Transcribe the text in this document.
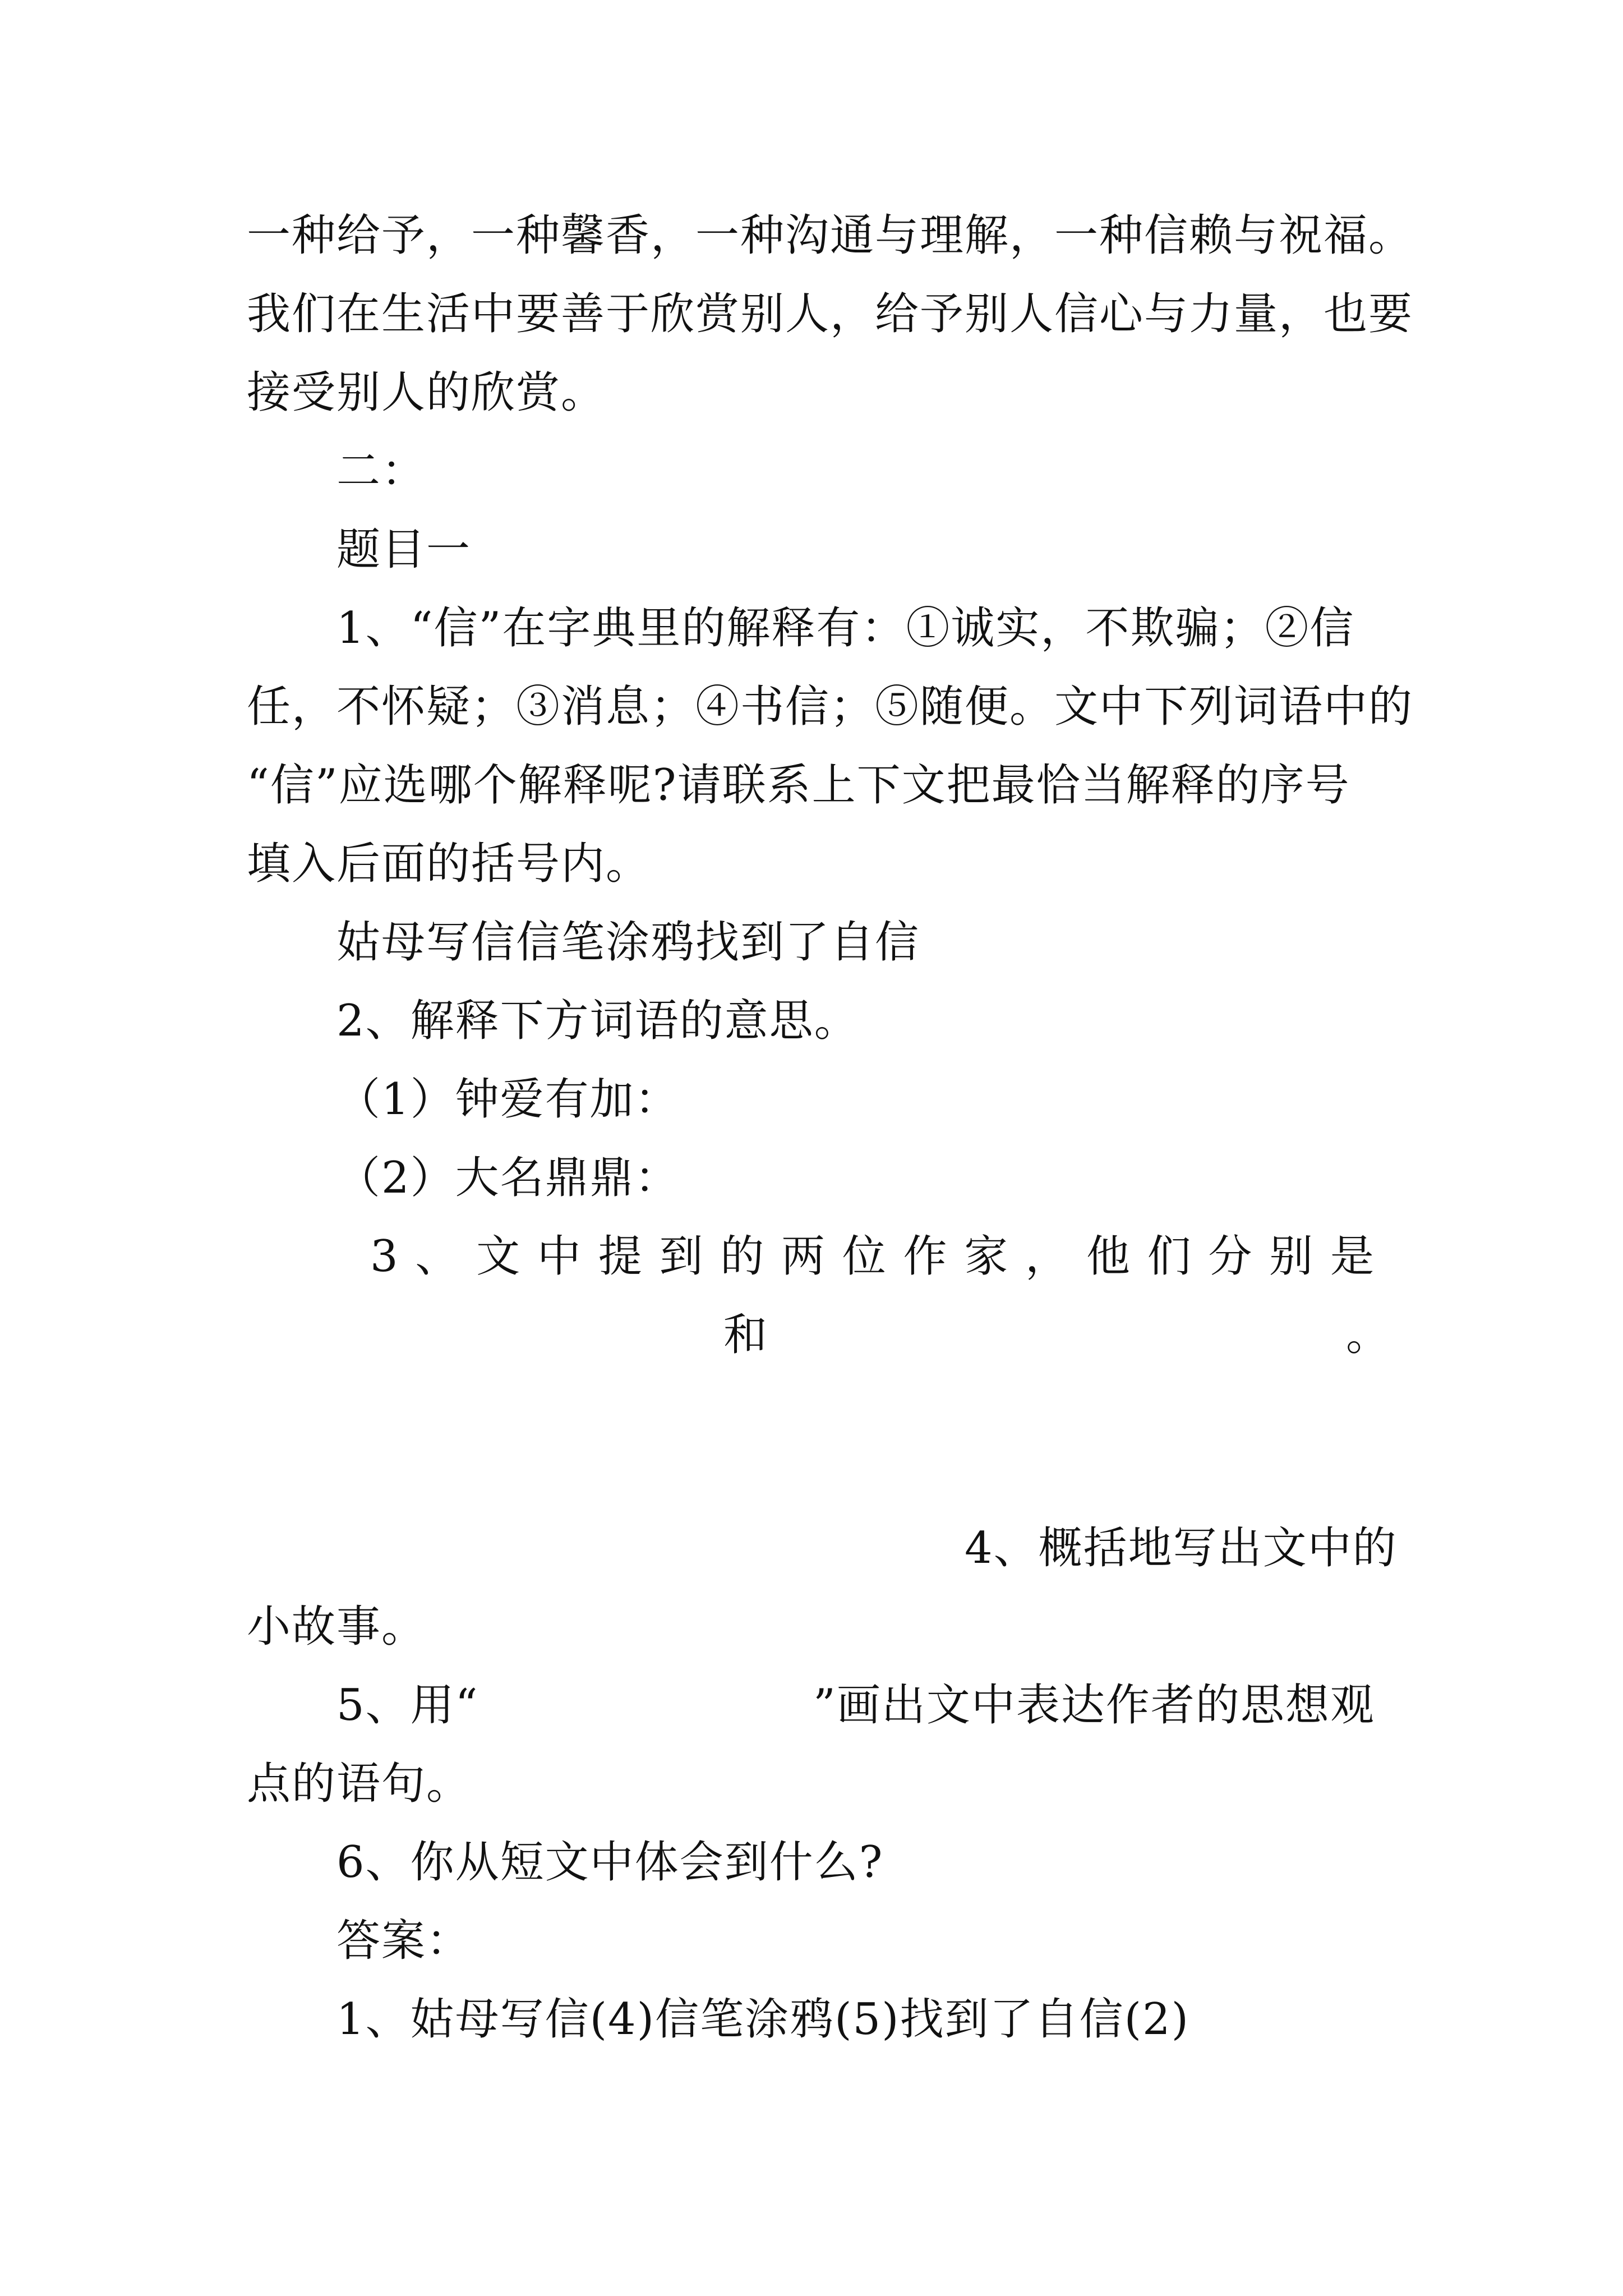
一种给予，一种馨香，一种沟通与理解，一种信赖与祝福。
我们在生活中要善于欣赏别人，给予别人信心与力量，也要
接受别人的欣赏。
二：
题目一
1、“信”在字典里的解释有：①诚实，不欺骗；②信
任，不怀疑；③消息；④书信；⑤随便。文中下列词语中的
“信”应选哪个解释呢?请联系上下文把最恰当解释的序号
填入后面的括号内。
姑母写信信笔涂鸦找到了自信
2、解释下方词语的意思。
（1）钟爱有加：
（2）大名鼎鼎：
3 、 文 中 提 到 的 两 位 作 家 ， 他 们 分 别 是
和	。
4、概括地写出文中的
小故事。
5、用“	”画出文中表达作者的思想观
点的语句。
6、你从短文中体会到什么?
答案：
1、姑母写信(4)信笔涂鸦(5)找到了自信(2)
